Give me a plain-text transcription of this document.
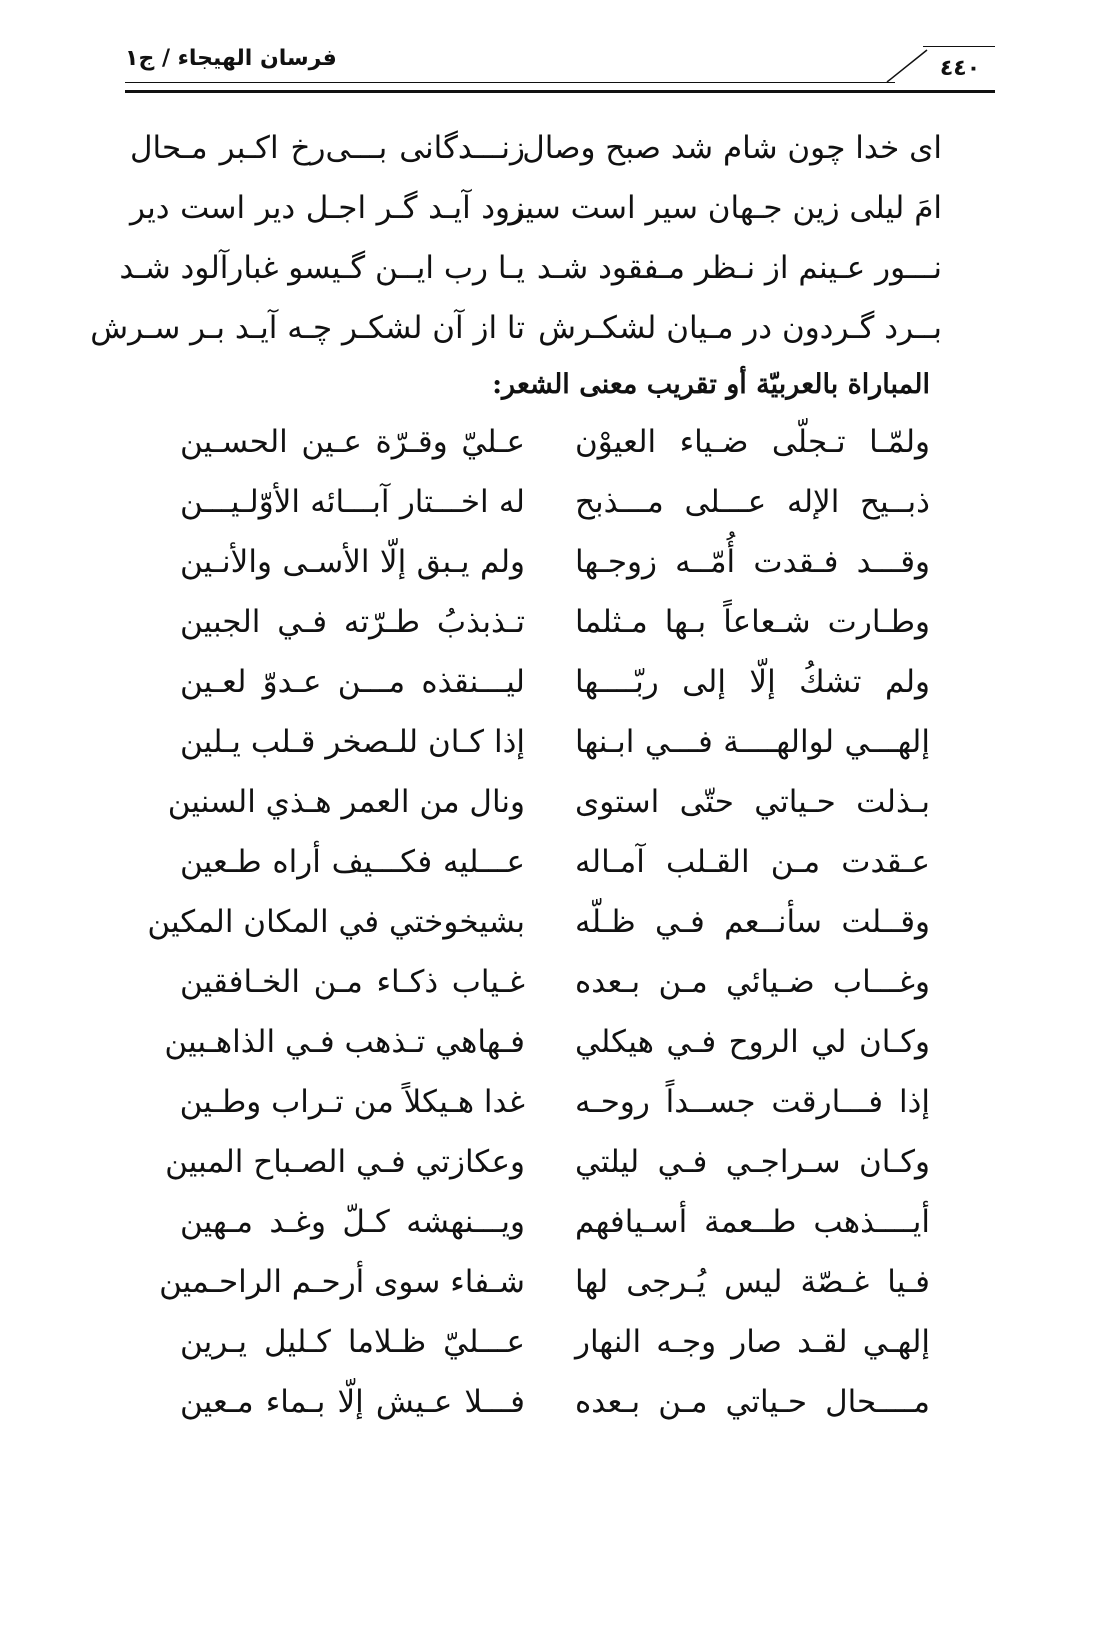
فرسان الهيجاء / ج١	٤٤٠
اى خدا چون شام شد صبح وصال
زنـــدگانى بـــى‌رخ اكـبر مـحال
امَ ليلى زين جـهان سير است سير
زود آيـد گـر اجـل دير است دير
نـــور عـينم از نـظر مـفقود شـد
يـا رب ايــن گـيسو غبارآلود شـد
بــرد گـردون در مـيان لشكـرش
تا از آن لشكـر چـه آيـد بـر سـرش
المباراة بالعربيّة أو تقريب معنى الشعر:
ولمّـا تـجلّى ضـياء العيوْن
عـليّ وقـرّة عـين الحسـين
ذبــيح الإله عـــلى مـــذبح
له اخـــتار آبـــائه الأوّلـيـــن
وقـــد فـقدت أُمّــه زوجـها
ولم يـبق إلّا الأسـى والأنـين
وطـارت شـعاعاً بـها مـثلما
تـذبذبُ طـرّته فـي الجبين
ولم تشكُ إلّا إلى ربّــــها
ليـــنقذه مـــن عـدوّ لعـين
إلهـــي لوالهــــة فـــي ابـنها
إذا كـان للـصخر قـلب يـلين
بـذلت حـياتي حتّى استوى
ونال من العمر هـذي السنين
عـقدت مـن القـلب آمـاله
عـــليه فكـــيف أراه طـعين
وقــلت سأنــعم فـي ظـلّه
بشيخوختي في المكان المكين
وغـــاب ضـيائي مـن بـعده
غـياب ذكـاء مـن الخـافقين
وكـان لي الروح فـي هيكلي
فـهاهي تـذهب فـي الذاهـبين
إذا فـــارقت جســداً روحـه
غدا هـيكلاً من تـراب وطـين
وكـان سـراجـي فـي ليلتي
وعكازتي فـي الصـباح المبين
أيــــذهب طــعمة أسـيافهم
ويـــنهشه كـلّ وغـد مـهين
فـيا غـصّة ليس يُـرجى لها
شـفاء سوى أرحـم الراحـمين
إلهـي لقـد صار وجـه النهار
عـــليّ ظـلاما كـليل يـرين
مــــحال حـياتي مـن بـعده
فـــلا عـيش إلّا بـماء مـعين
